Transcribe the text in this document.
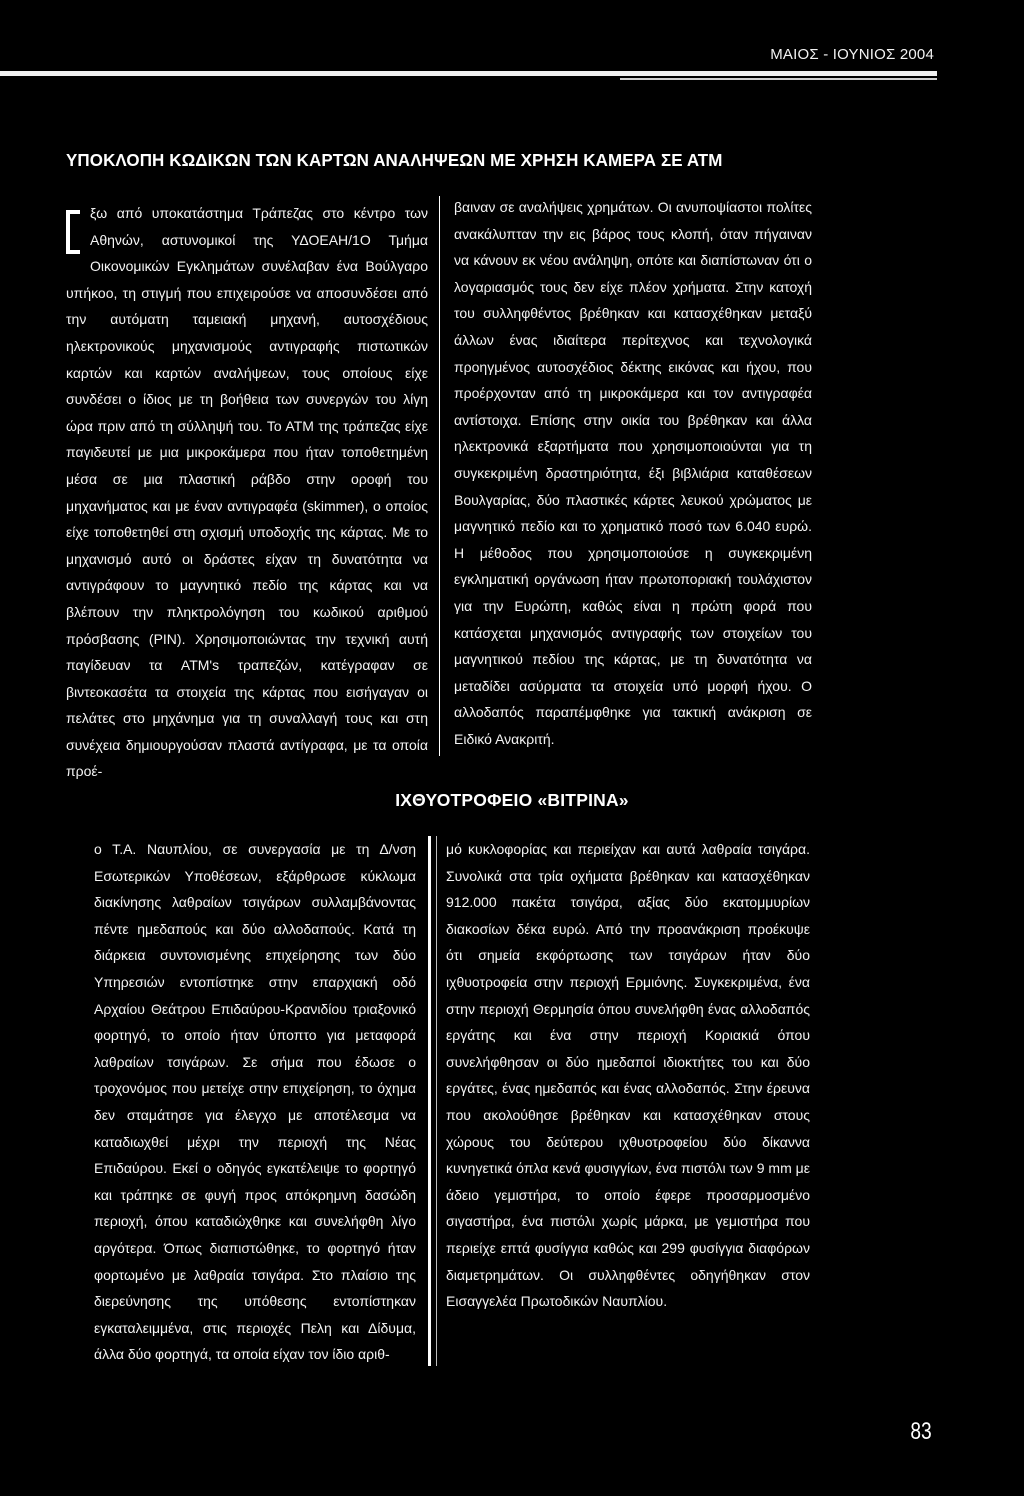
ΜΑΙΟΣ - ΙΟΥΝΙΟΣ 2004
ΥΠΟΚΛΟΠΗ ΚΩΔΙΚΩΝ ΤΩΝ ΚΑΡΤΩΝ ΑΝΑΛΗΨΕΩΝ ΜΕ ΧΡΗΣΗ ΚΑΜΕΡΑ ΣΕ ΑΤΜ

ξω από υποκατάστημα Τράπεζας στο κέντρο των Αθηνών, αστυνομικοί της ΥΔΟΕΑΗ/1Ο Τμήμα Οικονομικών Εγκλημάτων συνέλαβαν ένα Βούλγαρο υπήκοο, τη στιγμή που επιχειρούσε να αποσυνδέσει από την αυτόματη ταμειακή μηχανή, αυτοσχέδιους ηλεκτρονικούς μηχανισμούς αντιγραφής πιστωτικών καρτών και καρτών αναλήψεων, τους οποίους είχε συνδέσει ο ίδιος με τη βοήθεια των συνεργών του λίγη ώρα πριν από τη σύλληψή του. Το ΑΤΜ της τράπεζας είχε παγιδευτεί με μια μικροκάμερα που ήταν τοποθετημένη μέσα σε μια πλαστική ράβδο στην οροφή του μηχανήματος και με έναν αντιγραφέα (skimmer), ο οποίος είχε τοποθετηθεί στη σχισμή υποδοχής της κάρτας. Με το μηχανισμό αυτό οι δράστες είχαν τη δυνατότητα να αντιγράφουν το μαγνητικό πεδίο της κάρτας και να βλέπουν την πληκτρολόγηση του κωδικού αριθμού πρόσβασης (PIN). Χρησιμοποιώντας την τεχνική αυτή παγίδευαν τα ATM's τραπεζών, κατέγραφαν σε βιντεοκασέτα τα στοιχεία της κάρτας που εισήγαγαν οι πελάτες στο μηχάνημα για τη συναλλαγή τους και στη συνέχεια δημιουργούσαν πλαστά αντίγραφα, με τα οποία προέ-

βαιναν σε αναλήψεις χρημάτων. Οι ανυποψίαστοι πολίτες ανακάλυπταν την εις βάρος τους κλοπή, όταν πήγαιναν να κάνουν εκ νέου ανάληψη, οπότε και διαπίστωναν ότι ο λογαριασμός τους δεν είχε πλέον χρήματα. Στην κατοχή του συλληφθέντος βρέθηκαν και κατασχέθηκαν μεταξύ άλλων ένας ιδιαίτερα περίτεχνος και τεχνολογικά προηγμένος αυτοσχέδιος δέκτης εικόνας και ήχου, που προέρχονταν από τη μικροκάμερα και τον αντιγραφέα αντίστοιχα. Επίσης στην οικία του βρέθηκαν και άλλα ηλεκτρονικά εξαρτήματα που χρησιμοποιούνται για τη συγκεκριμένη δραστηριότητα, έξι βιβλιάρια καταθέσεων Βουλγαρίας, δύο πλαστικές κάρτες λευκού χρώματος με μαγνητικό πεδίο και το χρηματικό ποσό των 6.040 ευρώ. Η μέθοδος που χρησιμοποιούσε η συγκεκριμένη εγκληματική οργάνωση ήταν πρωτοποριακή τουλάχιστον για την Ευρώπη, καθώς είναι η πρώτη φορά που κατάσχεται μηχανισμός αντιγραφής των στοιχείων του μαγνητικού πεδίου της κάρτας, με τη δυνατότητα να μεταδίδει ασύρματα τα στοιχεία υπό μορφή ήχου. Ο αλλοδαπός παραπέμφθηκε για τακτική ανάκριση σε Ειδικό Ανακριτή.

ΙΧΘΥΟΤΡΟΦΕΙΟ «ΒΙΤΡΙΝΑ»

ο Τ.Α. Ναυπλίου, σε συνεργασία με τη Δ/νση Εσωτερικών Υποθέσεων, εξάρθρωσε κύκλωμα διακίνησης λαθραίων τσιγάρων συλλαμβάνοντας πέντε ημεδαπούς και δύο αλλοδαπούς. Κατά τη διάρκεια συντονισμένης επιχείρησης των δύο Υπηρεσιών εντοπίστηκε στην επαρχιακή οδό Αρχαίου Θεάτρου Επιδαύρου-Κρανιδίου τριαξονικό φορτηγό, το οποίο ήταν ύποπτο για μεταφορά λαθραίων τσιγάρων. Σε σήμα που έδωσε ο τροχονόμος που μετείχε στην επιχείρηση, το όχημα δεν σταμάτησε για έλεγχο με αποτέλεσμα να καταδιωχθεί μέχρι την περιοχή της Νέας Επιδαύρου. Εκεί ο οδηγός εγκατέλειψε το φορτηγό και τράπηκε σε φυγή προς απόκρημνη δασώδη περιοχή, όπου καταδιώχθηκε και συνελήφθη λίγο αργότερα. Όπως διαπιστώθηκε, το φορτηγό ήταν φορτωμένο με λαθραία τσιγάρα. Στο πλαίσιο της διερεύνησης της υπόθεσης εντοπίστηκαν εγκαταλειμμένα, στις περιοχές Πελη και Δίδυμα, άλλα δύο φορτηγά, τα οποία είχαν τον ίδιο αριθ-

μό κυκλοφορίας και περιείχαν και αυτά λαθραία τσιγάρα. Συνολικά στα τρία οχήματα βρέθηκαν και κατασχέθηκαν 912.000 πακέτα τσιγάρα, αξίας δύο εκατομμυρίων διακοσίων δέκα ευρώ. Από την προανάκριση προέκυψε ότι σημεία εκφόρτωσης των τσιγάρων ήταν δύο ιχθυοτροφεία στην περιοχή Ερμιόνης. Συγκεκριμένα, ένα στην περιοχή Θερμησία όπου συνελήφθη ένας αλλοδαπός εργάτης και ένα στην περιοχή Κοριακιά όπου συνελήφθησαν οι δύο ημεδαποί ιδιοκτήτες του και δύο εργάτες, ένας ημεδαπός και ένας αλλοδαπός. Στην έρευνα που ακολούθησε βρέθηκαν και κατασχέθηκαν στους χώρους του δεύτερου ιχθυοτροφείου δύο δίκαννα κυνηγετικά όπλα κενά φυσιγγίων, ένα πιστόλι των 9 mm με άδειο γεμιστήρα, το οποίο έφερε προσαρμοσμένο σιγαστήρα, ένα πιστόλι χωρίς μάρκα, με γεμιστήρα που περιείχε επτά φυσίγγια καθώς και 299 φυσίγγια διαφόρων διαμετρημάτων. Οι συλληφθέντες οδηγήθηκαν στον Εισαγγελέα Πρωτοδικών Ναυπλίου.

83
